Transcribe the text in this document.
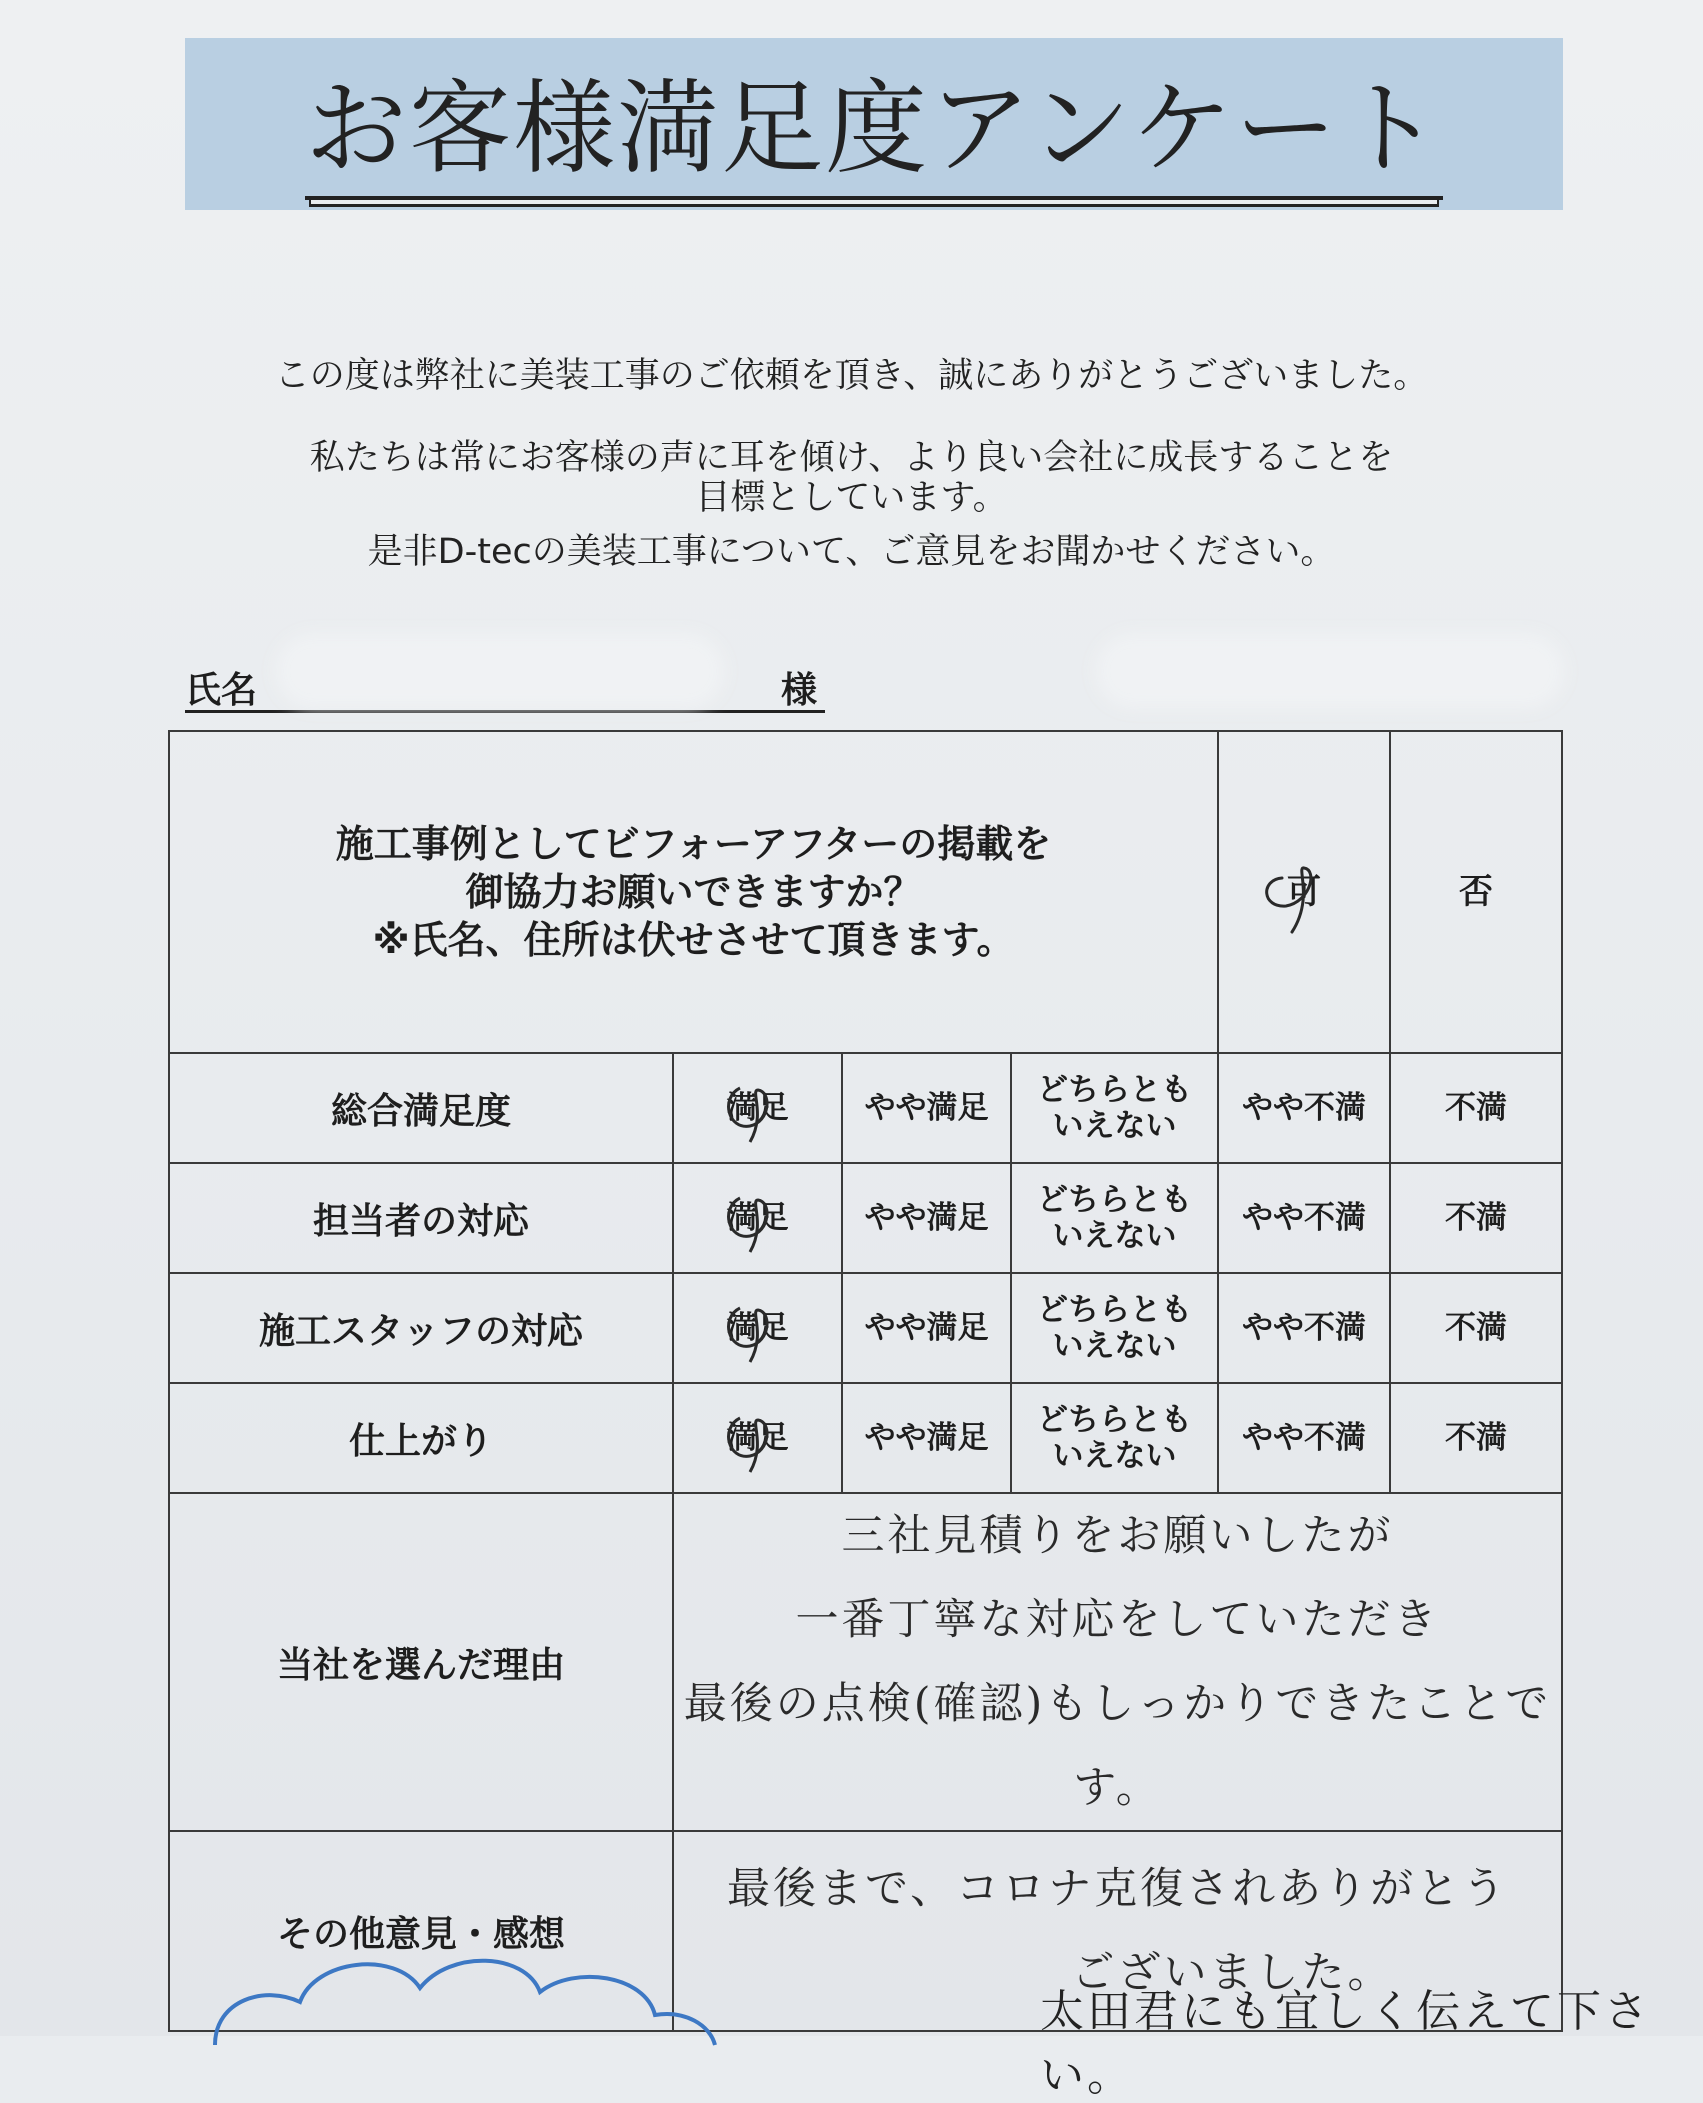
お客様満足度アンケート
この度は弊社に美装工事のご依頼を頂き、誠にありがとうございました。
私たちは常にお客様の声に耳を傾け、より良い会社に成長することを
目標としています。
是非D-tecの美装工事について、ご意見をお聞かせください。
氏名	様
施工事例としてビフォーアフターの掲載を
御協力お願いできますか？
※氏名、住所は伏せさせて頂きます。				可	否
総合満足度	満足	やや満足	どちらとも
いえない	やや不満	不満
担当者の対応	満足	やや満足	どちらとも
いえない	やや不満	不満
施工スタッフの対応	満足	やや満足	どちらとも
いえない	やや不満	不満
仕上がり	満足	やや満足	どちらとも
いえない	やや不満	不満
当社を選んだ理由	三社見積りをお願いしたが
一番丁寧な対応をしていただき
最後の点検(確認)もしっかりできたことです。				

その他意見・感想	最後まで、コロナ克復されありがとう
ございました。				
太田君にも宜しく伝えて下さい。
